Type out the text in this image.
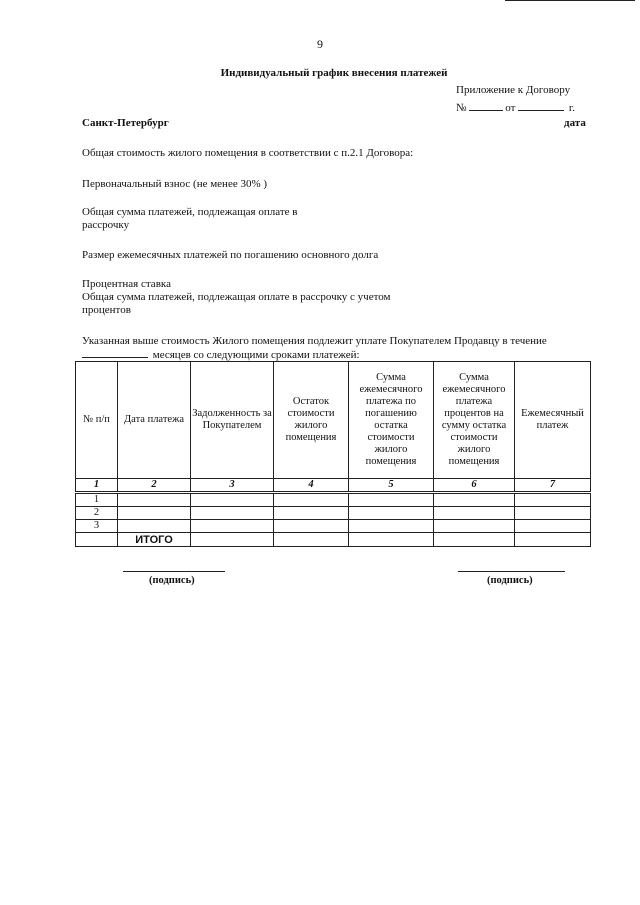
9
Индивидуальный график внесения платежей
Приложение к Договору
№	от	г.
Санкт-Петербург	дата
Общая стоимость жилого помещения в соответствии с п.2.1 Договора:
Первоначальный взнос (не менее 30% )
Общая сумма платежей, подлежащая оплате в рассрочку
Размер ежемесячных платежей по погашению основного долга
Процентная ставка
Общая сумма платежей, подлежащая оплате в рассрочку с учетом процентов
Указанная выше стоимость Жилого помещения подлежит уплате Покупателем Продавцу в течение
месяцев со следующими сроками платежей:
№ п/п	Дата платежа	Задолженность за Покупателем	Остаток стоимости жилого помещения	Сумма ежемесячного платежа по погашению остатка стоимости жилого помещения	Сумма ежемесячного платежа процентов на сумму остатка стоимости жилого помещения	Ежемесячный платеж
1	2	3	4	5	6	7
1						
2						
3						
	ИТОГО					
(подпись)	(подпись)
